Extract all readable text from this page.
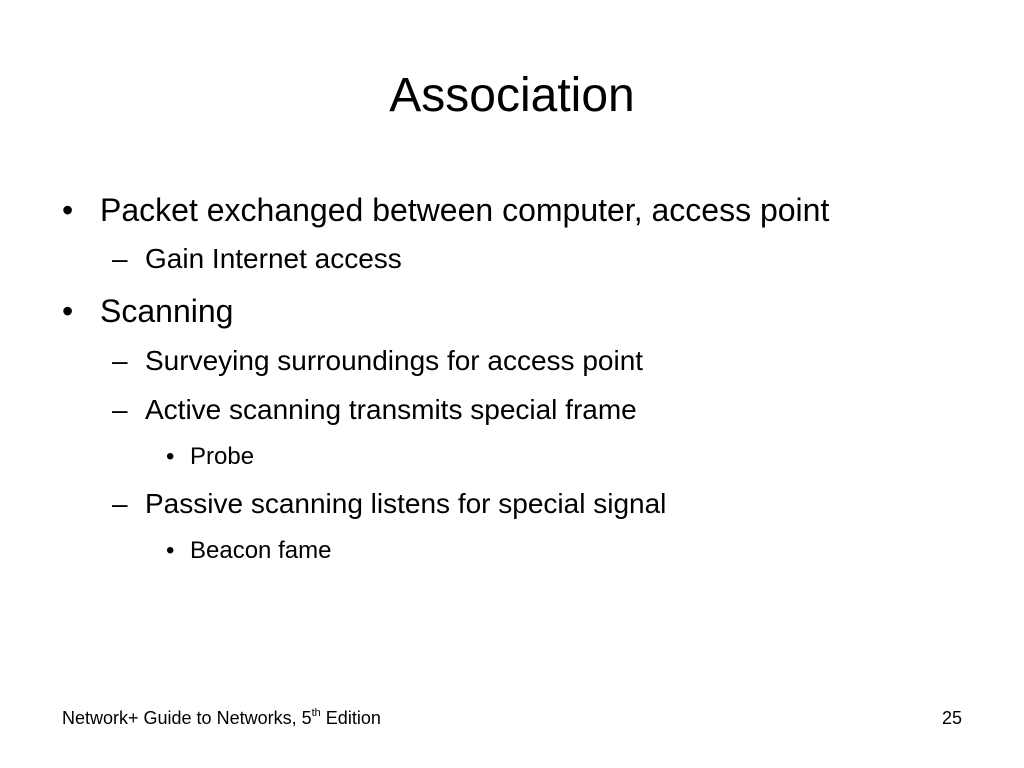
Association
• Packet exchanged between computer, access point
– Gain Internet access
• Scanning
– Surveying surroundings for access point
– Active scanning transmits special frame
• Probe
– Passive scanning listens for special signal
• Beacon fame
Network+ Guide to Networks, 5th Edition	25
